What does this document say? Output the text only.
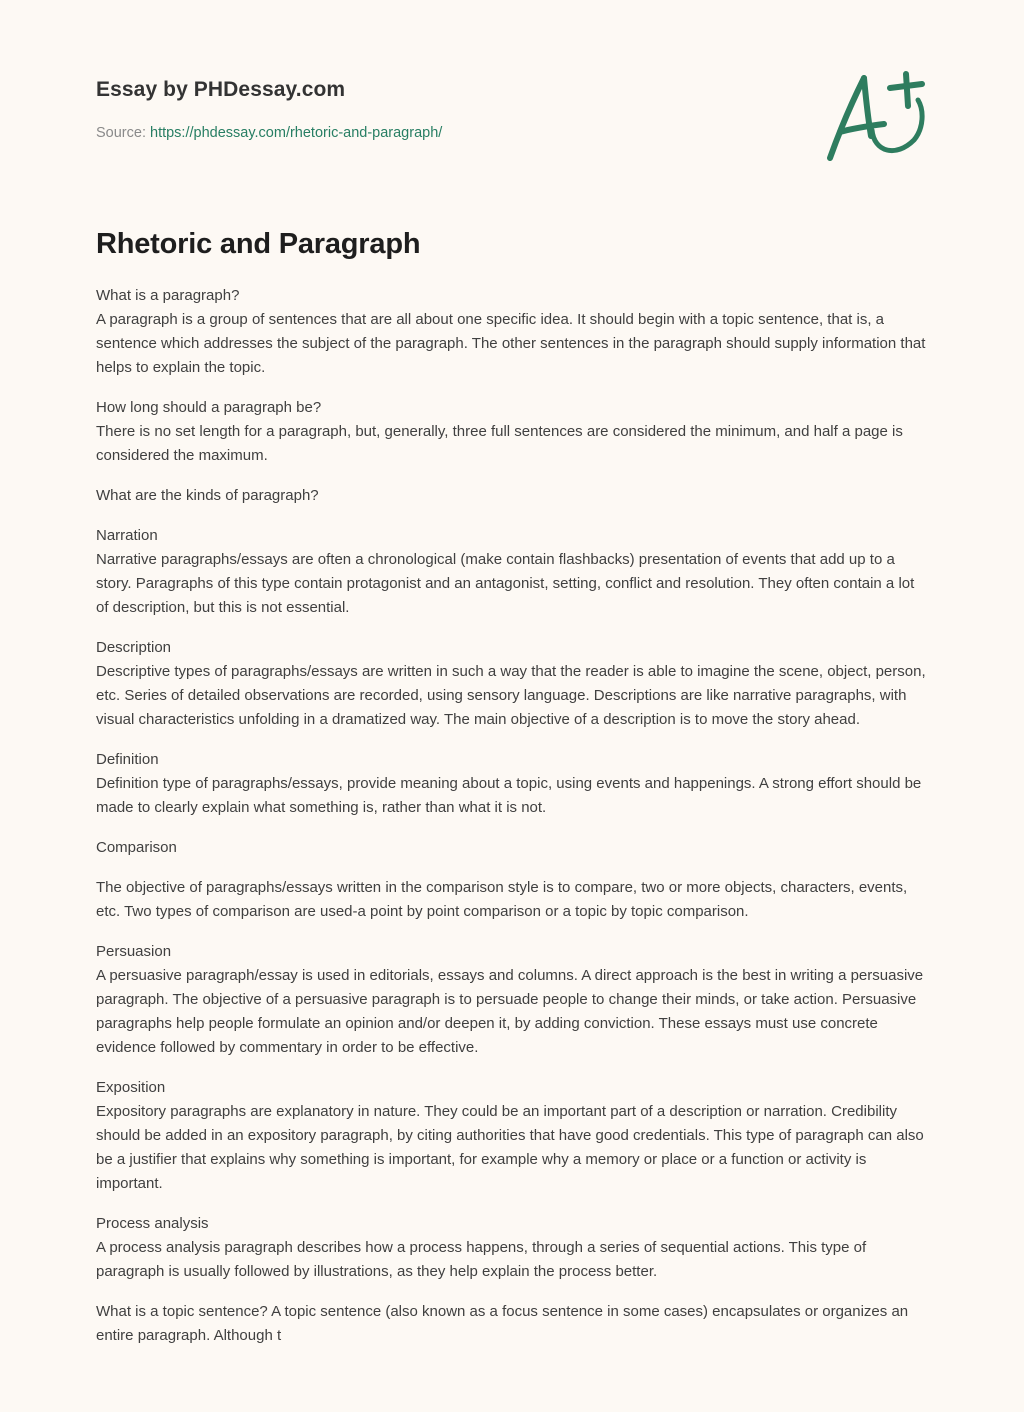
Essay by PHDessay.com
Source: https://phdessay.com/rhetoric-and-paragraph/
Rhetoric and Paragraph

What is a paragraph?
A paragraph is a group of sentences that are all about one specific idea. It should begin with a topic sentence, that is, a sentence which addresses the subject of the paragraph. The other sentences in the paragraph should supply information that helps to explain the topic.

How long should a paragraph be?
There is no set length for a paragraph, but, generally, three full sentences are considered the minimum, and half a page is considered the maximum.

What are the kinds of paragraph?

Narration
Narrative paragraphs/essays are often a chronological (make contain flashbacks) presentation of events that add up to a story. Paragraphs of this type contain protagonist and an antagonist, setting, conflict and resolution. They often contain a lot of description, but this is not essential.

Description
Descriptive types of paragraphs/essays are written in such a way that the reader is able to imagine the scene, object, person, etc. Series of detailed observations are recorded, using sensory language. Descriptions are like narrative paragraphs, with visual characteristics unfolding in a dramatized way. The main objective of a description is to move the story ahead.

Definition
Definition type of paragraphs/essays, provide meaning about a topic, using events and happenings. A strong effort should be made to clearly explain what something is, rather than what it is not.

Comparison

The objective of paragraphs/essays written in the comparison style is to compare, two or more objects, characters, events, etc. Two types of comparison are used-a point by point comparison or a topic by topic comparison.

Persuasion
A persuasive paragraph/essay is used in editorials, essays and columns. A direct approach is the best in writing a persuasive paragraph. The objective of a persuasive paragraph is to persuade people to change their minds, or take action. Persuasive paragraphs help people formulate an opinion and/or deepen it, by adding conviction. These essays must use concrete evidence followed by commentary in order to be effective.

Exposition
Expository paragraphs are explanatory in nature. They could be an important part of a description or narration. Credibility should be added in an expository paragraph, by citing authorities that have good credentials. This type of paragraph can also be a justifier that explains why something is important, for example why a memory or place or a function or activity is important.

Process analysis
A process analysis paragraph describes how a process happens, through a series of sequential actions. This type of paragraph is usually followed by illustrations, as they help explain the process better.

What is a topic sentence? A topic sentence (also known as a focus sentence in some cases) encapsulates or organizes an entire paragraph. Although t
